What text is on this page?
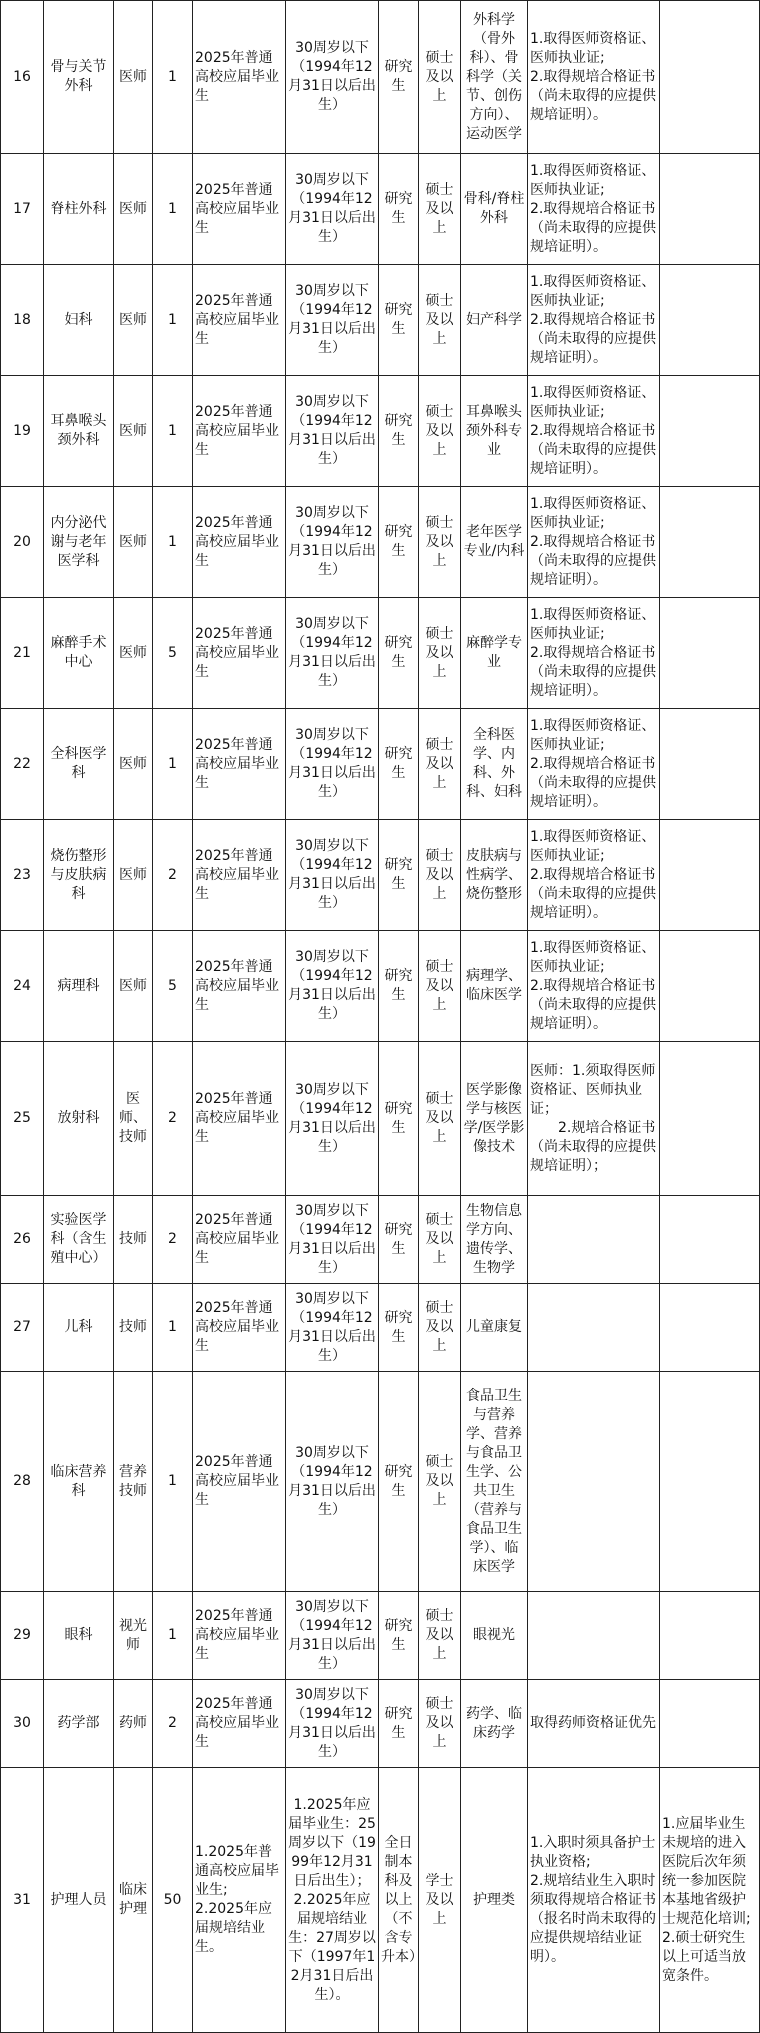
16	骨与关节外科	医师	1	2025年普通高校应届毕业生	30周岁以下（1994年12月31日以后出生）	研究生	硕士及以上	外科学（骨外科）、骨科学（关节、创伤方向）、运动医学	1.取得医师资格证、医师执业证;
2.取得规培合格证书（尚未取得的应提供规培证明）。	
17	脊柱外科	医师	1	2025年普通高校应届毕业生	30周岁以下（1994年12月31日以后出生）	研究生	硕士及以上	骨科/脊柱外科	1.取得医师资格证、医师执业证;
2.取得规培合格证书（尚未取得的应提供规培证明）。	
18	妇科	医师	1	2025年普通高校应届毕业生	30周岁以下（1994年12月31日以后出生）	研究生	硕士及以上	妇产科学	1.取得医师资格证、医师执业证;
2.取得规培合格证书（尚未取得的应提供规培证明）。	
19	耳鼻喉头颈外科	医师	1	2025年普通高校应届毕业生	30周岁以下（1994年12月31日以后出生）	研究生	硕士及以上	耳鼻喉头颈外科专业	1.取得医师资格证、医师执业证;
2.取得规培合格证书（尚未取得的应提供规培证明）。	
20	内分泌代谢与老年医学科	医师	1	2025年普通高校应届毕业生	30周岁以下（1994年12月31日以后出生）	研究生	硕士及以上	老年医学专业/内科	1.取得医师资格证、医师执业证;
2.取得规培合格证书（尚未取得的应提供规培证明）。	
21	麻醉手术中心	医师	5	2025年普通高校应届毕业生	30周岁以下（1994年12月31日以后出生）	研究生	硕士及以上	麻醉学专业	1.取得医师资格证、医师执业证;
2.取得规培合格证书（尚未取得的应提供规培证明）。	
22	全科医学科	医师	1	2025年普通高校应届毕业生	30周岁以下（1994年12月31日以后出生）	研究生	硕士及以上	全科医学、内科、外科、妇科	1.取得医师资格证、医师执业证;
2.取得规培合格证书（尚未取得的应提供规培证明）。	
23	烧伤整形与皮肤病科	医师	2	2025年普通高校应届毕业生	30周岁以下（1994年12月31日以后出生）	研究生	硕士及以上	皮肤病与性病学、烧伤整形	1.取得医师资格证、医师执业证;
2.取得规培合格证书（尚未取得的应提供规培证明）。	
24	病理科	医师	5	2025年普通高校应届毕业生	30周岁以下（1994年12月31日以后出生）	研究生	硕士及以上	病理学、临床医学	1.取得医师资格证、医师执业证;
2.取得规培合格证书（尚未取得的应提供规培证明）。	
25	放射科	医师、技师	2	2025年普通高校应届毕业生	30周岁以下（1994年12月31日以后出生）	研究生	硕士及以上	医学影像学与核医学/医学影像技术	医师：1.须取得医师资格证、医师执业证；
　　2.规培合格证书（尚未取得的应提供规培证明）；	
26	实验医学科（含生殖中心）	技师	2	2025年普通高校应届毕业生	30周岁以下（1994年12月31日以后出生）	研究生	硕士及以上	生物信息学方向、遗传学、生物学		
27	儿科	技师	1	2025年普通高校应届毕业生	30周岁以下（1994年12月31日以后出生）	研究生	硕士及以上	儿童康复		
28	临床营养科	营养技师	1	2025年普通高校应届毕业生	30周岁以下（1994年12月31日以后出生）	研究生	硕士及以上	食品卫生与营养学、营养与食品卫生学、公共卫生（营养与食品卫生学）、临床医学		
29	眼科	视光师	1	2025年普通高校应届毕业生	30周岁以下（1994年12月31日以后出生）	研究生	硕士及以上	眼视光		
30	药学部	药师	2	2025年普通高校应届毕业生	30周岁以下（1994年12月31日以后出生）	研究生	硕士及以上	药学、临床药学	取得药师资格证优先	
31	护理人员	临床护理	50	1.2025年普通高校应届毕业生;
2.2025年应届规培结业生。	1.2025年应届毕业生：25周岁以下（1999年12月31日后出生）；
2.2025年应届规培结业生：27周岁以下（1997年12月31日后出生）。	全日制本科及以上（不含专升本）	学士及以上	护理类	1.入职时须具备护士执业资格;
2.规培结业生入职时须取得规培合格证书（报名时尚未取得的应提供规培结业证明）。	1.应届毕业生未规培的进入医院后次年须统一参加医院本基地省级护士规范化培训;
2.硕士研究生以上可适当放宽条件。
